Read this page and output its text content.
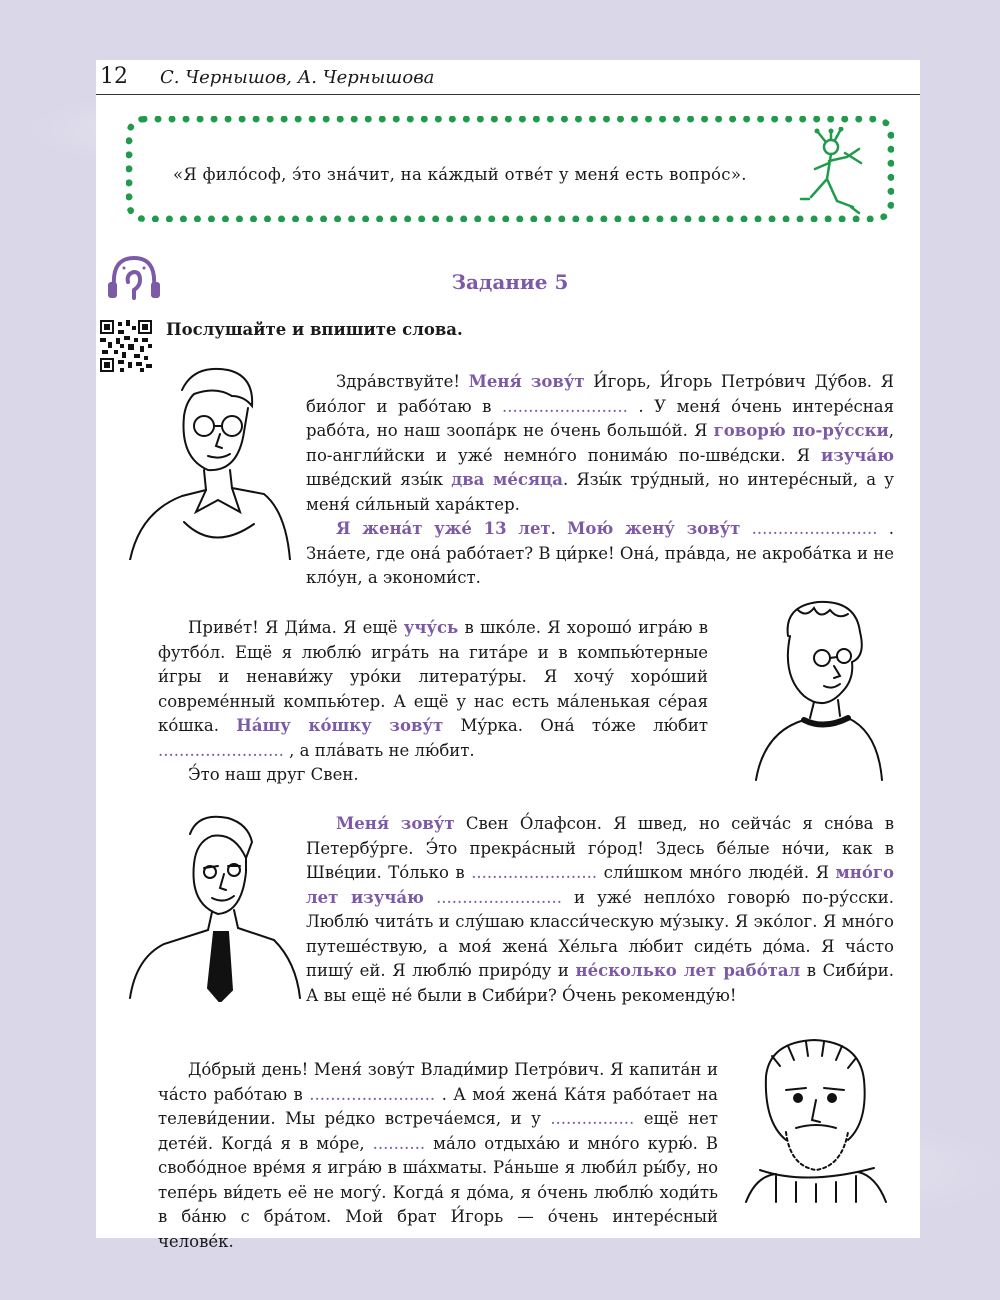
12 С. Чернышов, А. Чернышова
«Я фило́соф, э́то зна́чит, на ка́ждый отве́т у меня́ есть вопро́с».
Задание 5
Послушайте и впишите слова.

Здра́вствуйте! Меня́ зову́т И́горь, И́горь Петро́вич Ду́бов. Я био́лог и рабо́таю в ........................ . У меня́ о́чень интере́сная рабо́та, но наш зоопа́рк не о́чень большо́й. Я говорю́ по-ру́сски, по-англи́йски и уже́ немно́го понима́ю по-шве́дски. Я изуча́ю шве́дский язы́к два ме́сяца. Язы́к тру́дный, но интере́сный, а у меня́ си́льный хара́ктер.

Я жена́т уже́ 13 лет. Мою́ жену́ зову́т ........................ . Зна́ете, где она́ рабо́тает? В ци́рке! Она́, пра́вда, не акроба́тка и не кло́ун, а экономи́ст.

Приве́т! Я Ди́ма. Я ещё учу́сь в шко́ле. Я хорошо́ игра́ю в футбо́л. Ещё я люблю́ игра́ть на гита́ре и в компью́терные и́гры и ненави́жу уро́ки литерату́ры. Я хочу́ хоро́ший совреме́нный компью́тер. А ещё у нас есть ма́ленькая се́рая ко́шка. На́шу ко́шку зову́т Му́рка. Она́ то́же лю́бит ........................ , а пла́вать не лю́бит.

Э́то наш друг Свен.

Меня́ зову́т Свен О́лафсон. Я швед, но сейча́с я сно́ва в Петербу́рге. Э́то прекра́сный го́род! Здесь бе́лые но́чи, как в Шве́ции. То́лько в ........................ сли́шком мно́го люде́й. Я мно́го лет изуча́ю ........................ и уже́ непло́хо говорю́ по-ру́сски. Люблю́ чита́ть и слу́шаю класси́ческую му́зыку. Я эко́лог. Я мно́го путеше́ствую, а моя́ жена́ Хе́льга лю́бит сиде́ть до́ма. Я ча́сто пишу́ ей. Я люблю́ приро́ду и не́сколько лет рабо́тал в Сиби́ри. А вы ещё не́ были в Сиби́ри? О́чень рекоменду́ю!

До́брый день! Меня́ зову́т Влади́мир Петро́вич. Я капита́н и ча́сто рабо́таю в ........................ . А моя́ жена́ Ка́тя рабо́тает на телеви́дении. Мы ре́дко встреча́емся, и у ................ ещё нет дете́й. Когда́ я в мо́ре, .......... ма́ло отдыха́ю и мно́го курю́. В свобо́дное вре́мя я игра́ю в ша́хматы. Ра́ньше я люби́л ры́бу, но тепе́рь ви́деть её не могу́. Когда́ я до́ма, я о́чень люблю́ ходи́ть в ба́ню с бра́том. Мой брат И́горь — о́чень интере́сный челове́к.
